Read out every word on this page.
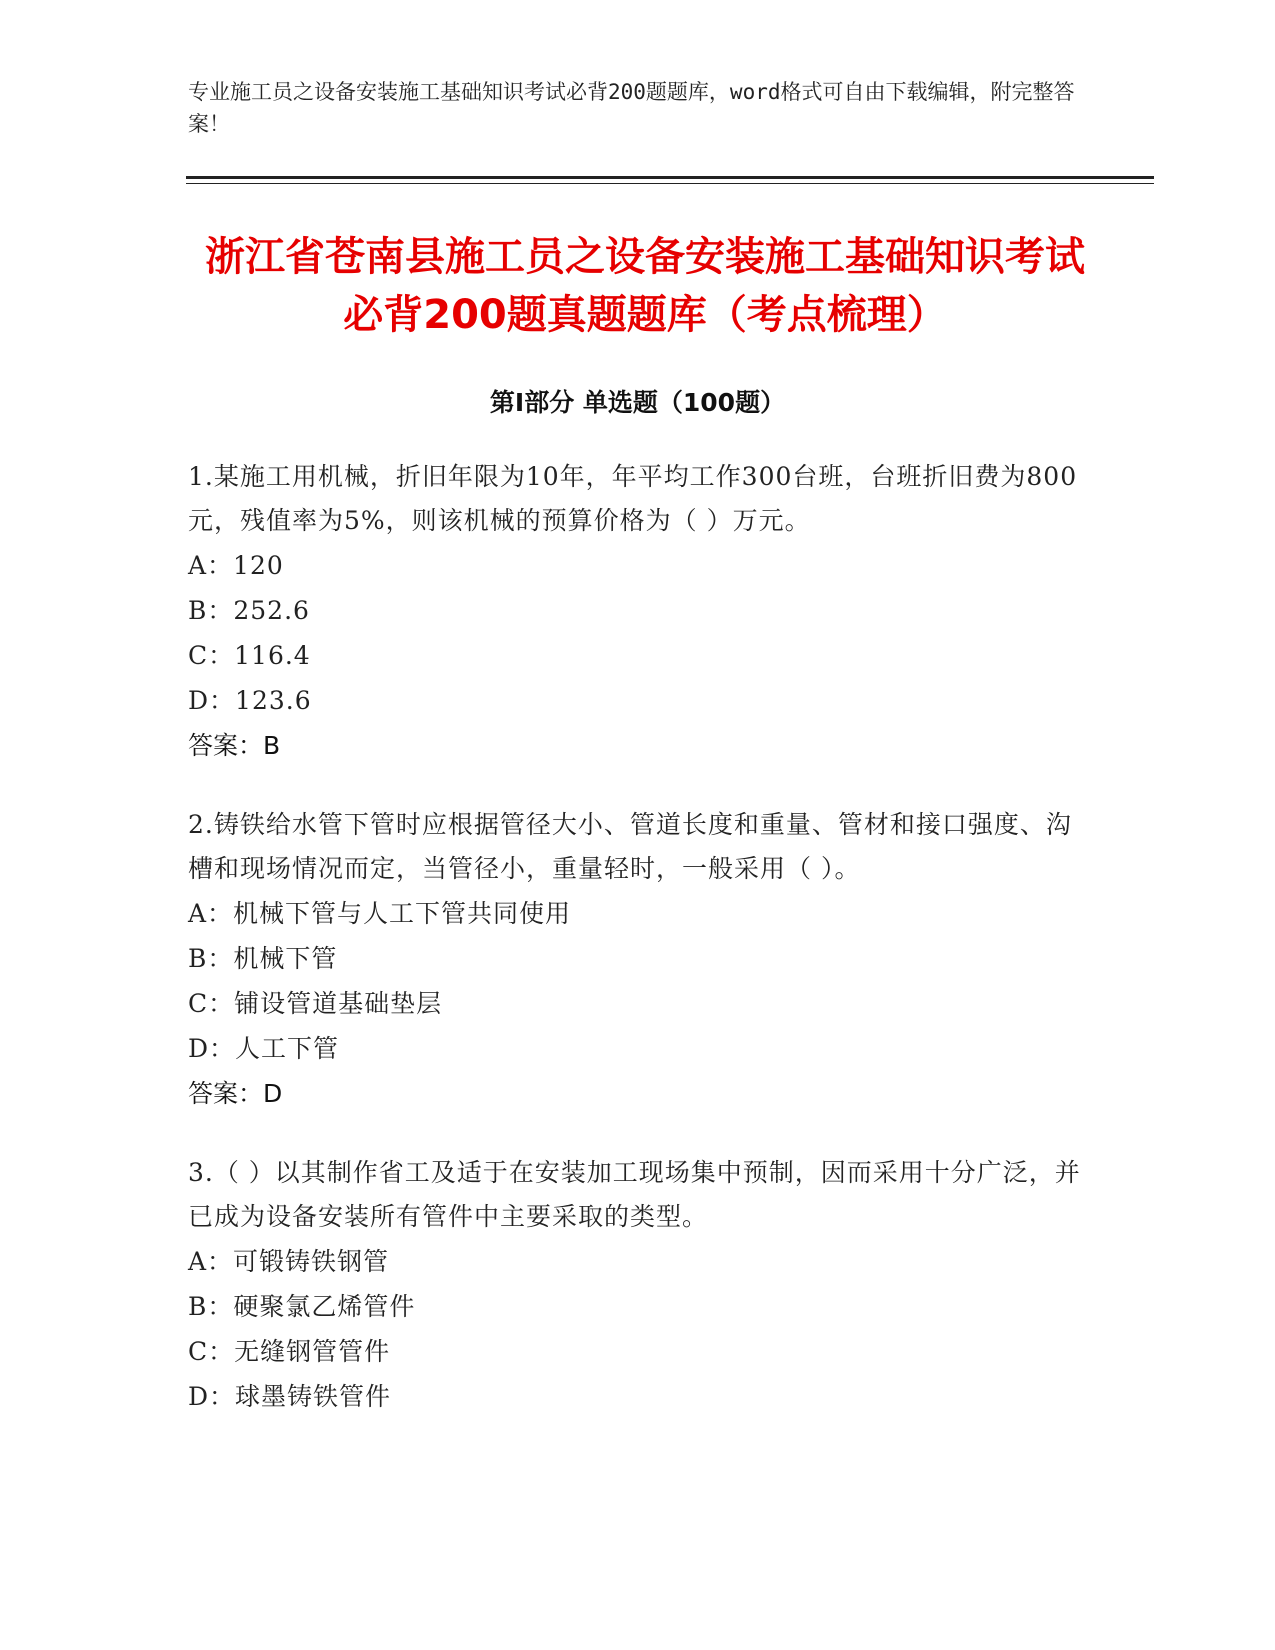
专业施工员之设备安装施工基础知识考试必背200题题库，word格式可自由下载编辑，附完整答案！
浙江省苍南县施工员之设备安装施工基础知识考试必背200题真题题库（考点梳理）
第Ⅰ部分 单选题（100题）

1.某施工用机械，折旧年限为10年，年平均工作300台班，台班折旧费为800元，残值率为5%，则该机械的预算价格为（ ）万元。

A：120

B：252.6

C：116.4

D：123.6

答案：B

2.铸铁给水管下管时应根据管径大小、管道长度和重量、管材和接口强度、沟槽和现场情况而定，当管径小，重量轻时，一般采用（ ）。

A：机械下管与人工下管共同使用

B：机械下管

C：铺设管道基础垫层

D：人工下管

答案：D

3.（ ）以其制作省工及适于在安装加工现场集中预制，因而采用十分广泛，并已成为设备安装所有管件中主要采取的类型。

A：可锻铸铁钢管

B：硬聚氯乙烯管件

C：无缝钢管管件

D：球墨铸铁管件
